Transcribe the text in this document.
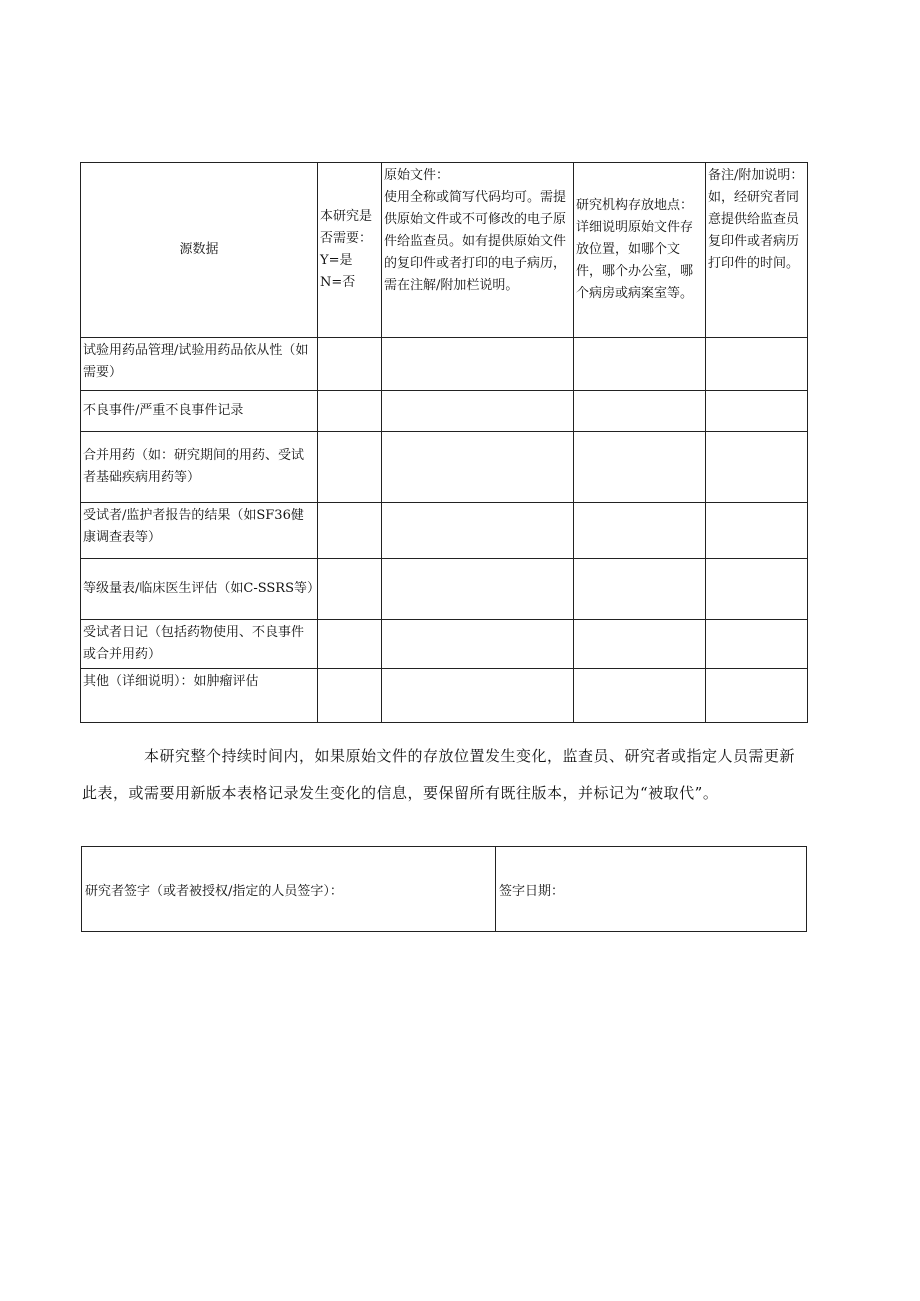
源数据	本研究是否需要：
Y=是
N=否	原始文件：
使用全称或简写代码均可。需提供原始文件或不可修改的电子原件给监查员。如有提供原始文件的复印件或者打印的电子病历，需在注解/附加栏说明。	研究机构存放地点：
详细说明原始文件存放位置，如哪个文件，哪个办公室，哪个病房或病案室等。	备注/附加说明：如，经研究者同意提供给监查员复印件或者病历打印件的时间。
试验用药品管理/试验用药品依从性（如需要）				
不良事件/严重不良事件记录				
合并用药（如：研究期间的用药、受试者基础疾病用药等）				
受试者/监护者报告的结果（如SF36健康调查表等）				
等级量表/临床医生评估（如C-SSRS等）				
受试者日记（包括药物使用、不良事件或合并用药）				
其他（详细说明）：如肿瘤评估				

本研究整个持续时间内，如果原始文件的存放位置发生变化，监查员、研究者或指定人员需更新此表，或需要用新版本表格记录发生变化的信息，要保留所有既往版本，并标记为“被取代”。

研究者签字（或者被授权/指定的人员签字）：	签字日期：
